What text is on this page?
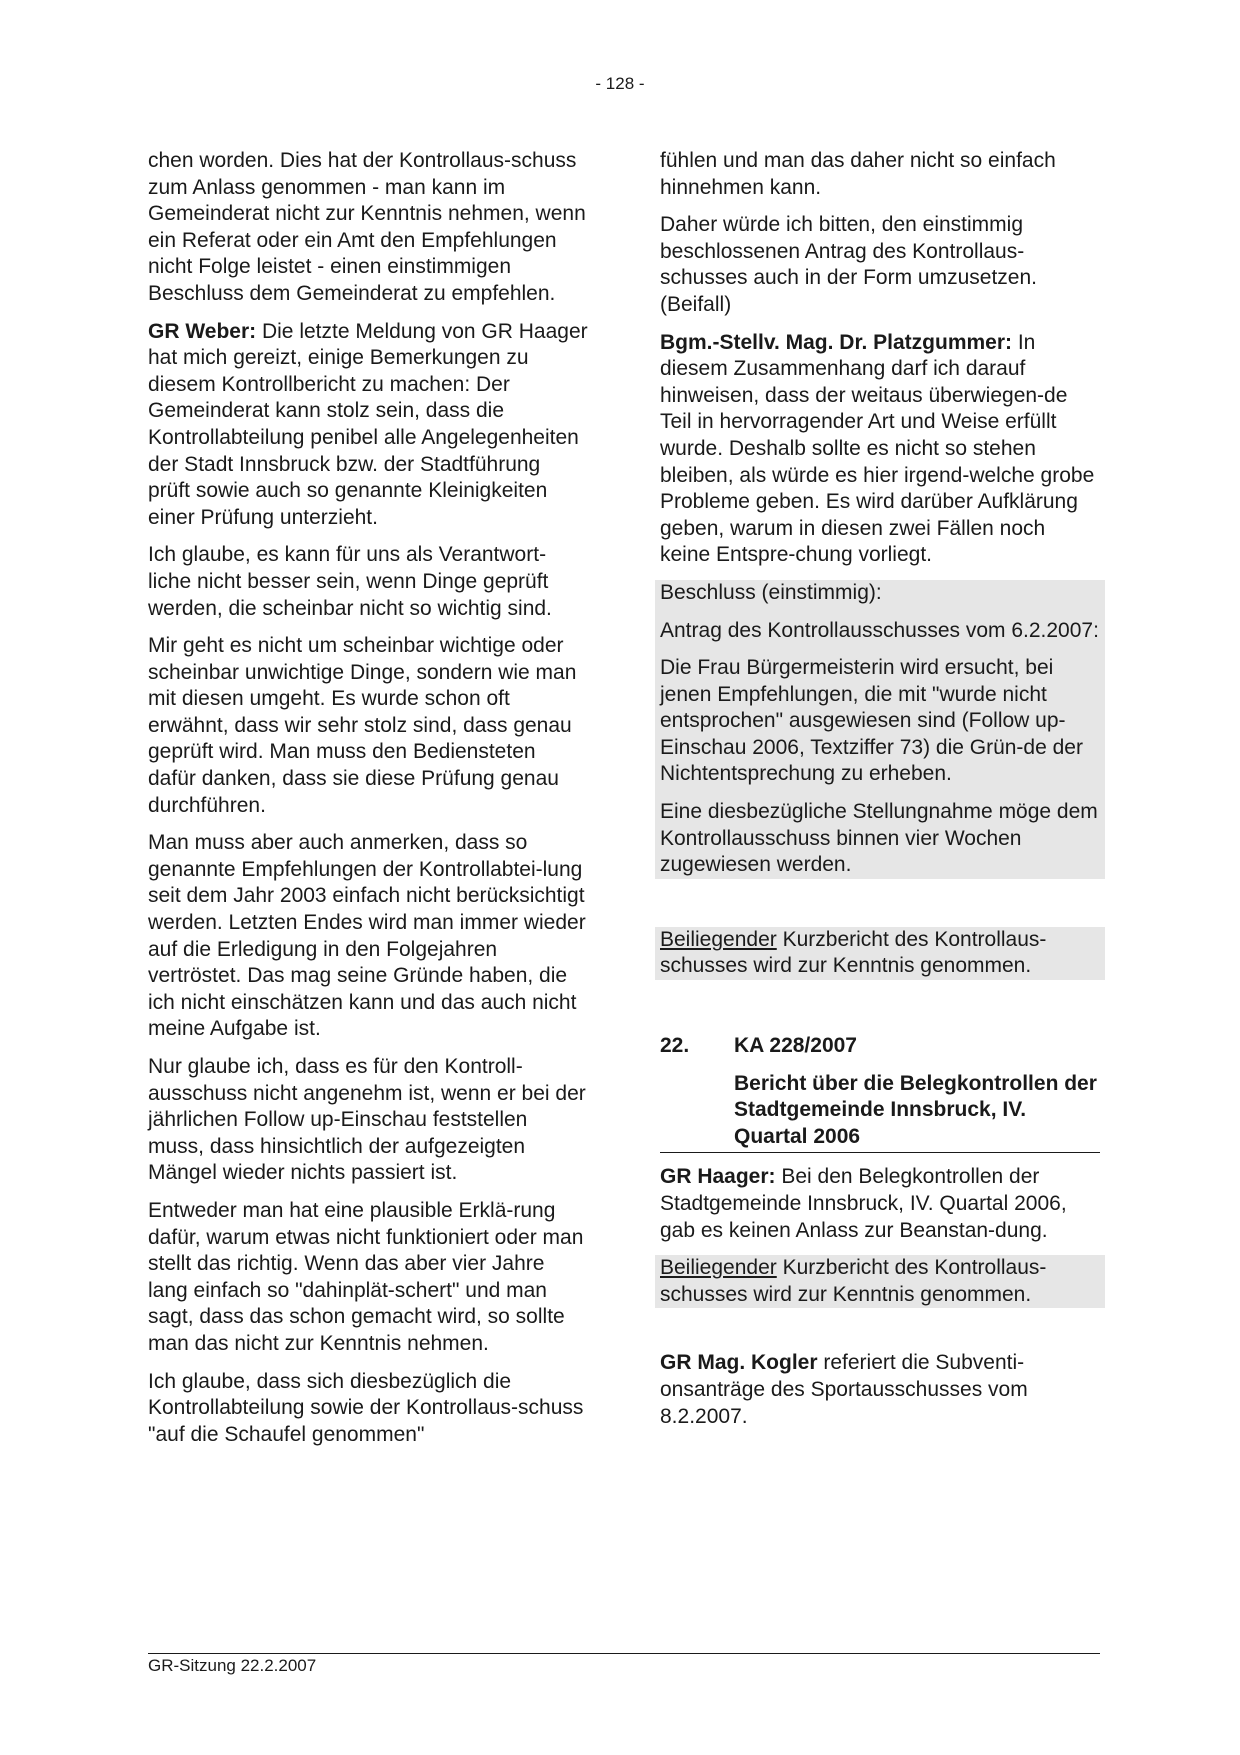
- 128 -

chen worden. Dies hat der Kontrollaus-schuss zum Anlass genommen - man kann im Gemeinderat nicht zur Kenntnis nehmen, wenn ein Referat oder ein Amt den Empfehlungen nicht Folge leistet - einen einstimmigen Beschluss dem Gemeinderat zu empfehlen.

GR Weber: Die letzte Meldung von GR Haager hat mich gereizt, einige Bemerkungen zu diesem Kontrollbericht zu machen: Der Gemeinderat kann stolz sein, dass die Kontrollabteilung penibel alle Angelegenheiten der Stadt Innsbruck bzw. der Stadtführung prüft sowie auch so genannte Kleinigkeiten einer Prüfung unterzieht.

Ich glaube, es kann für uns als Verantwort-liche nicht besser sein, wenn Dinge geprüft werden, die scheinbar nicht so wichtig sind.

Mir geht es nicht um scheinbar wichtige oder scheinbar unwichtige Dinge, sondern wie man mit diesen umgeht. Es wurde schon oft erwähnt, dass wir sehr stolz sind, dass genau geprüft wird. Man muss den Bediensteten dafür danken, dass sie diese Prüfung genau durchführen.

Man muss aber auch anmerken, dass so genannte Empfehlungen der Kontrollabtei-lung seit dem Jahr 2003 einfach nicht berücksichtigt werden. Letzten Endes wird man immer wieder auf die Erledigung in den Folgejahren vertröstet. Das mag seine Gründe haben, die ich nicht einschätzen kann und das auch nicht meine Aufgabe ist.

Nur glaube ich, dass es für den Kontroll-ausschuss nicht angenehm ist, wenn er bei der jährlichen Follow up-Einschau feststellen muss, dass hinsichtlich der aufgezeigten Mängel wieder nichts passiert ist.

Entweder man hat eine plausible Erklä-rung dafür, warum etwas nicht funktioniert oder man stellt das richtig. Wenn das aber vier Jahre lang einfach so "dahinplät-schert" und man sagt, dass das schon gemacht wird, so sollte man das nicht zur Kenntnis nehmen.

Ich glaube, dass sich diesbezüglich die Kontrollabteilung sowie der Kontrollaus-schuss "auf die Schaufel genommen"

fühlen und man das daher nicht so einfach hinnehmen kann.

Daher würde ich bitten, den einstimmig beschlossenen Antrag des Kontrollaus-schusses auch in der Form umzusetzen. (Beifall)

Bgm.-Stellv. Mag. Dr. Platzgummer: In diesem Zusammenhang darf ich darauf hinweisen, dass der weitaus überwiegen-de Teil in hervorragender Art und Weise erfüllt wurde. Deshalb sollte es nicht so stehen bleiben, als würde es hier irgend-welche grobe Probleme geben. Es wird darüber Aufklärung geben, warum in diesen zwei Fällen noch keine Entspre-chung vorliegt.

Beschluss (einstimmig):

Antrag des Kontrollausschusses vom 6.2.2007:

Die Frau Bürgermeisterin wird ersucht, bei jenen Empfehlungen, die mit "wurde nicht entsprochen" ausgewiesen sind (Follow up-Einschau 2006, Textziffer 73) die Grün-de der Nichtentsprechung zu erheben.

Eine diesbezügliche Stellungnahme möge dem Kontrollausschuss binnen vier Wochen zugewiesen werden.

Beiliegender Kurzbericht des Kontrollaus-schusses wird zur Kenntnis genommen.

22.	KA 228/2007
Bericht über die Belegkontrollen der Stadtgemeinde Innsbruck, IV. Quartal 2006

GR Haager: Bei den Belegkontrollen der Stadtgemeinde Innsbruck, IV. Quartal 2006, gab es keinen Anlass zur Beanstan-dung.

Beiliegender Kurzbericht des Kontrollaus-schusses wird zur Kenntnis genommen.

GR Mag. Kogler referiert die Subventi-onsanträge des Sportausschusses vom 8.2.2007.

GR-Sitzung 22.2.2007
